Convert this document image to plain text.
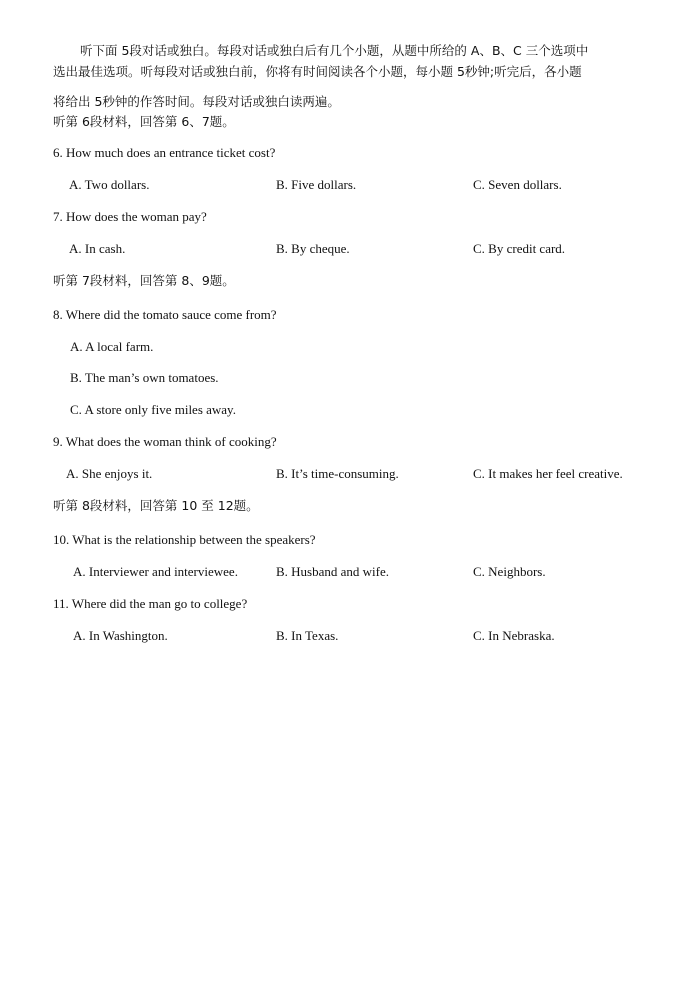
听下面 5段对话或独白。每段对话或独白后有几个小题，从题中所给的 A、B、C 三个选项中
选出最佳选项。听每段对话或独白前，你将有时间阅读各个小题，每小题 5秒钟;听完后，各小题
将给出 5秒钟的作答时间。每段对话或独白读两遍。
听第 6段材料，回答第 6、7题。
6. How much does an entrance ticket cost?
A. Two dollars.	B. Five dollars.	C. Seven dollars.
7. How does the woman pay?
A. In cash.	B. By cheque.	C. By credit card.
听第 7段材料，回答第 8、9题。
8. Where did the tomato sauce come from?
A. A local farm.
B. The man’s own tomatoes.
C. A store only five miles away.
9. What does the woman think of cooking?
A. She enjoys it.	B. It’s time-consuming.	C. It makes her feel creative.
听第 8段材料，回答第 10 至 12题。
10. What is the relationship between the speakers?
A. Interviewer and interviewee.	B. Husband and wife.	C. Neighbors.
11. Where did the man go to college?
A. In Washington.	B. In Texas.	C. In Nebraska.
